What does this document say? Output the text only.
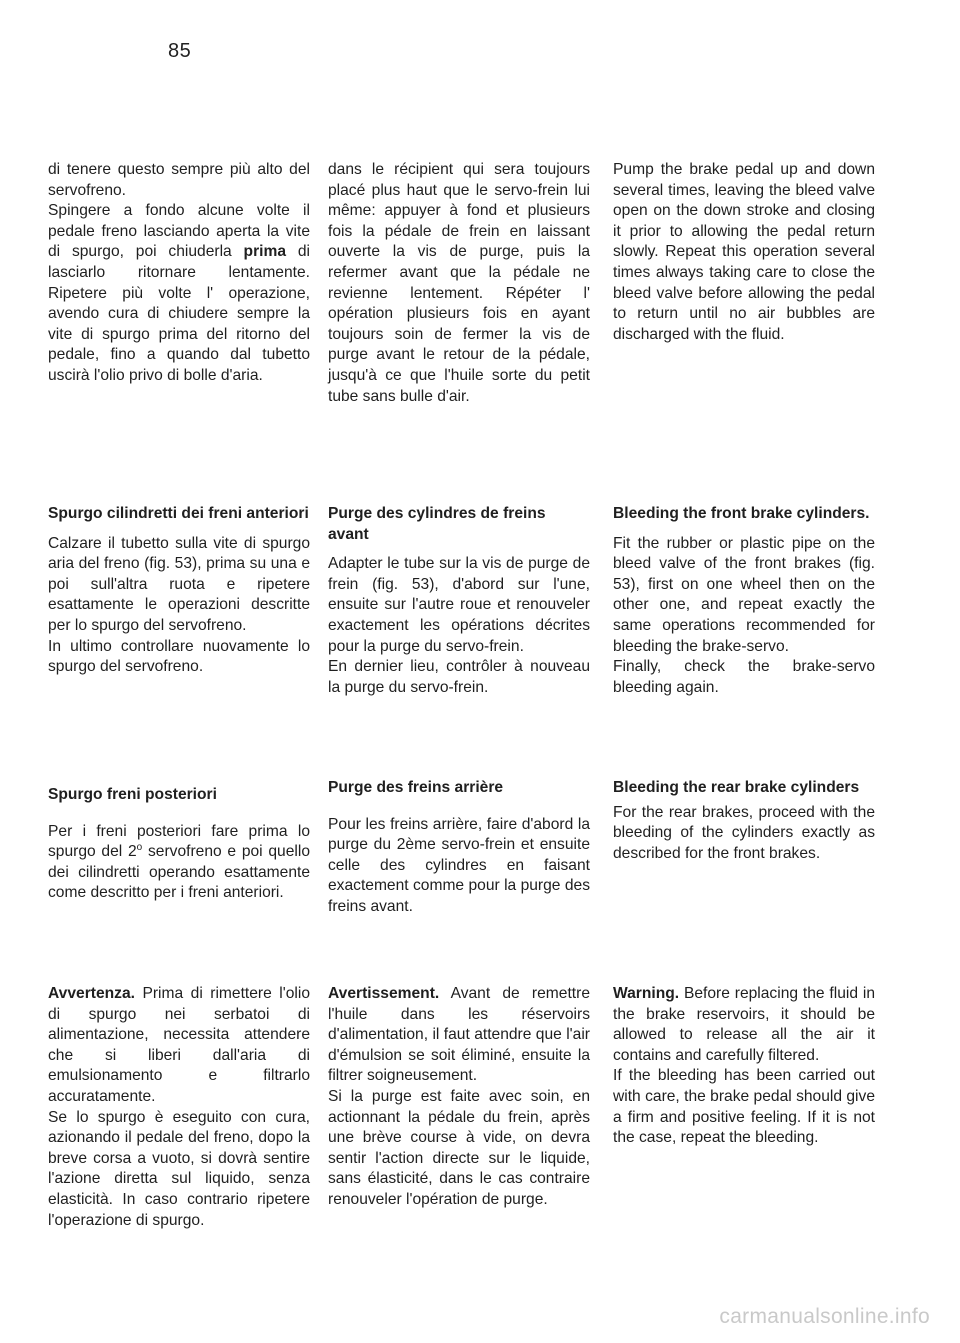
85

di tenere questo sempre più alto del servofreno.

Spingere a fondo alcune volte il pedale freno lasciando aperta la vite di spurgo, poi chiuderla prima di lasciarlo ritornare lentamente. Ripetere più volte l' operazione, avendo cura di chiudere sempre la vite di spurgo prima del ritorno del pedale, fino a quando dal tubetto uscirà l'olio privo di bolle d'aria.

Spurgo cilindretti dei freni anteriori

Calzare il tubetto sulla vite di spurgo aria del freno (fig. 53), prima su una e poi sull'altra ruota e ripetere esattamente le operazioni descritte per lo spurgo del servofreno.

In ultimo controllare nuovamente lo spurgo del servofreno.

Spurgo freni posteriori

Per i freni posteriori fare prima lo spurgo del 2$^o$ servofreno e poi quello dei cilindretti operando esattamente come descritto per i freni anteriori.

Avvertenza. Prima di rimettere l'olio di spurgo nei serbatoi di alimentazione, necessita attendere che si liberi dall'aria di emulsionamento e filtrarlo accuratamente.

Se lo spurgo è eseguito con cura, azionando il pedale del freno, dopo la breve corsa a vuoto, si dovrà sentire l'azione diretta sul liquido, senza elasticità. In caso contrario ripetere l'operazione di spurgo.

dans le récipient qui sera toujours placé plus haut que le servo-frein lui même: appuyer à fond et plusieurs fois la pédale de frein en laissant ouverte la vis de purge, puis la refermer avant que la pédale ne revienne lentement. Répéter l' opération plusieurs fois en ayant toujours soin de fermer la vis de purge avant le retour de la pédale, jusqu'à ce que l'huile sorte du petit tube sans bulle d'air.

Purge des cylindres de freins avant

Adapter le tube sur la vis de purge de frein (fig. 53), d'abord sur l'une, ensuite sur l'autre roue et renouveler exactement les opérations décrites pour la purge du servo-frein.

En dernier lieu, contrôler à nouveau la purge du servo-frein.

Purge des freins arrière

Pour les freins arrière, faire d'abord la purge du 2ème servo-frein et ensuite celle des cylindres en faisant exactement comme pour la purge des freins avant.

Avertissement. Avant de remettre l'huile dans les réservoirs d'alimentation, il faut attendre que l'air d'émulsion se soit éliminé, ensuite la filtrer soigneusement.

Si la purge est faite avec soin, en actionnant la pédale du frein, après une brève course à vide, on devra sentir l'action directe sur le liquide, sans élasticité, dans le cas contraire renouveler l'opération de purge.

Pump the brake pedal up and down several times, leaving the bleed valve open on the down stroke and closing it prior to allowing the pedal return slowly. Repeat this operation several times always taking care to close the bleed valve before allowing the pedal to return until no air bubbles are discharged with the fluid.

Bleeding the front brake cylinders.

Fit the rubber or plastic pipe on the bleed valve of the front brakes (fig. 53), first on one wheel then on the other one, and repeat exactly the same operations recommended for bleeding the brake-servo.

Finally, check the brake-servo bleeding again.

Bleeding the rear brake cylinders

For the rear brakes, proceed with the bleeding of the cylinders exactly as described for the front brakes.

Warning. Before replacing the fluid in the brake reservoirs, it should be allowed to release all the air it contains and carefully filtered.

If the bleeding has been carried out with care, the brake pedal should give a firm and positive feeling. If it is not the case, repeat the bleeding.

carmanualsonline.info
